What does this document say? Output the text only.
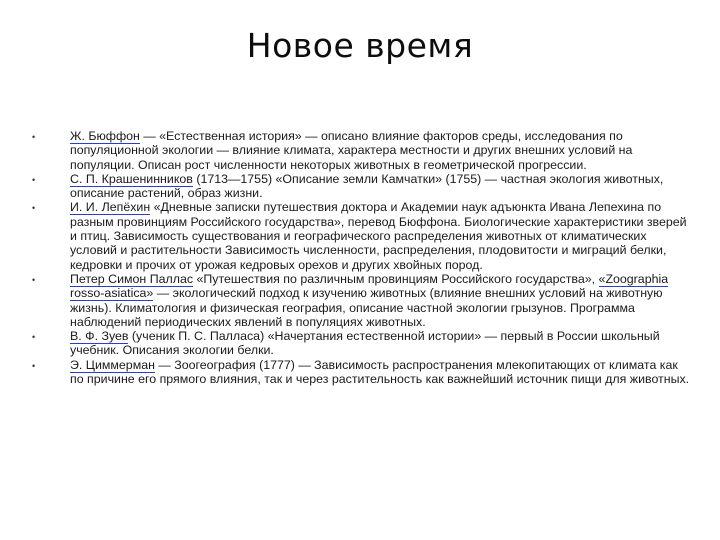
Новое время
•	Ж. Бюффон — «Естественная история» — описано влияние факторов среды, исследования по популяционной экологии — влияние климата, характера местности и других внешних условий на популяции. Описан рост численности некоторых животных в геометрической прогрессии.
•	С. П. Крашенинников (1713—1755) «Описание земли Камчатки» (1755) — частная экология животных, описание растений, образ жизни.
•	И. И. Лепёхин «Дневные записки путешествия доктора и Академии наук адъюнкта Ивана Лепехина по разным провинциям Российского государства», перевод Бюффона. Биологические характеристики зверей и птиц. Зависимость существования и географического распределения животных от климатических условий и растительности Зависимость численности, распределения, плодовитости и миграций белки, кедровки и прочих от урожая кедровых орехов и других хвойных пород.
•	Петер Симон Паллас «Путешествия по различным провинциям Российского государства», «Zoographia rosso-asiatica» — экологический подход к изучению животных (влияние внешних условий на животную жизнь). Климатология и физическая география, описание частной экологии грызунов. Программа наблюдений периодических явлений в популяциях животных.
•	В. Ф. Зуев (ученик П. С. Палласа) «Начертания естественной истории» — первый в России школьный учебник. Описания экологии белки.
•	Э. Циммерман — Зоогеография (1777) — Зависимость распространения млекопитающих от климата как по причине его прямого влияния, так и через растительность как важнейший источник пищи для животных.
